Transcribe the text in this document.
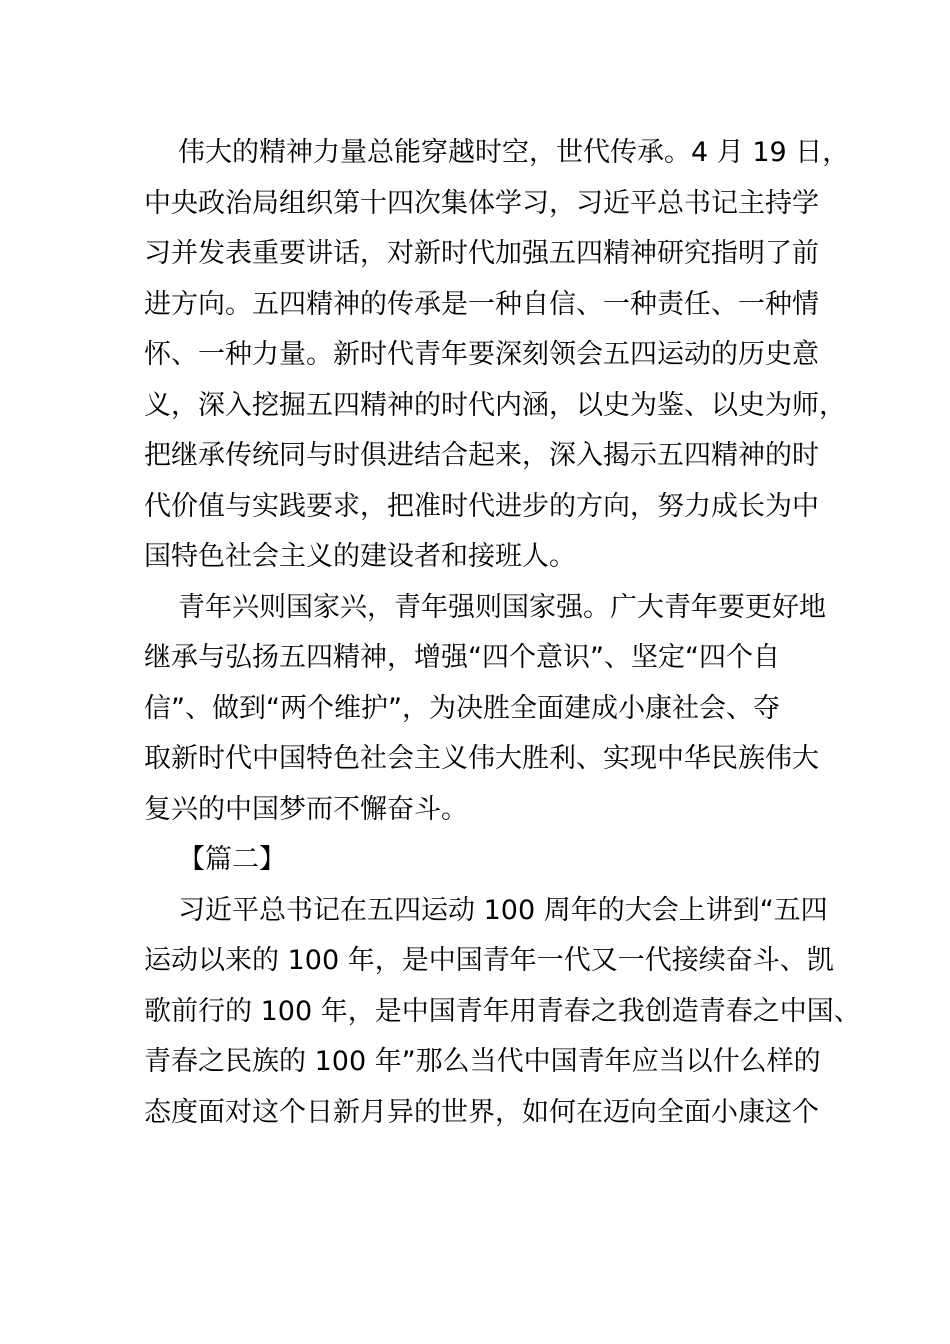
伟大的精神力量总能穿越时空，世代传承。4 月 19 日，
中央政治局组织第十四次集体学习，习近平总书记主持学
习并发表重要讲话，对新时代加强五四精神研究指明了前
进方向。五四精神的传承是一种自信、一种责任、一种情
怀、一种力量。新时代青年要深刻领会五四运动的历史意
义，深入挖掘五四精神的时代内涵，以史为鉴、以史为师，
把继承传统同与时俱进结合起来，深入揭示五四精神的时
代价值与实践要求，把准时代进步的方向，努力成长为中
国特色社会主义的建设者和接班人。
青年兴则国家兴，青年强则国家强。广大青年要更好地
继承与弘扬五四精神，增强“四个意识”、坚定“四个自
信”、做到“两个维护”，为决胜全面建成小康社会、夺
取新时代中国特色社会主义伟大胜利、实现中华民族伟大
复兴的中国梦而不懈奋斗。
【篇二】
习近平总书记在五四运动 100 周年的大会上讲到“五四
运动以来的 100 年，是中国青年一代又一代接续奋斗、凯
歌前行的 100 年，是中国青年用青春之我创造青春之中国、
青春之民族的 100 年”那么当代中国青年应当以什么样的
态度面对这个日新月异的世界，如何在迈向全面小康这个
